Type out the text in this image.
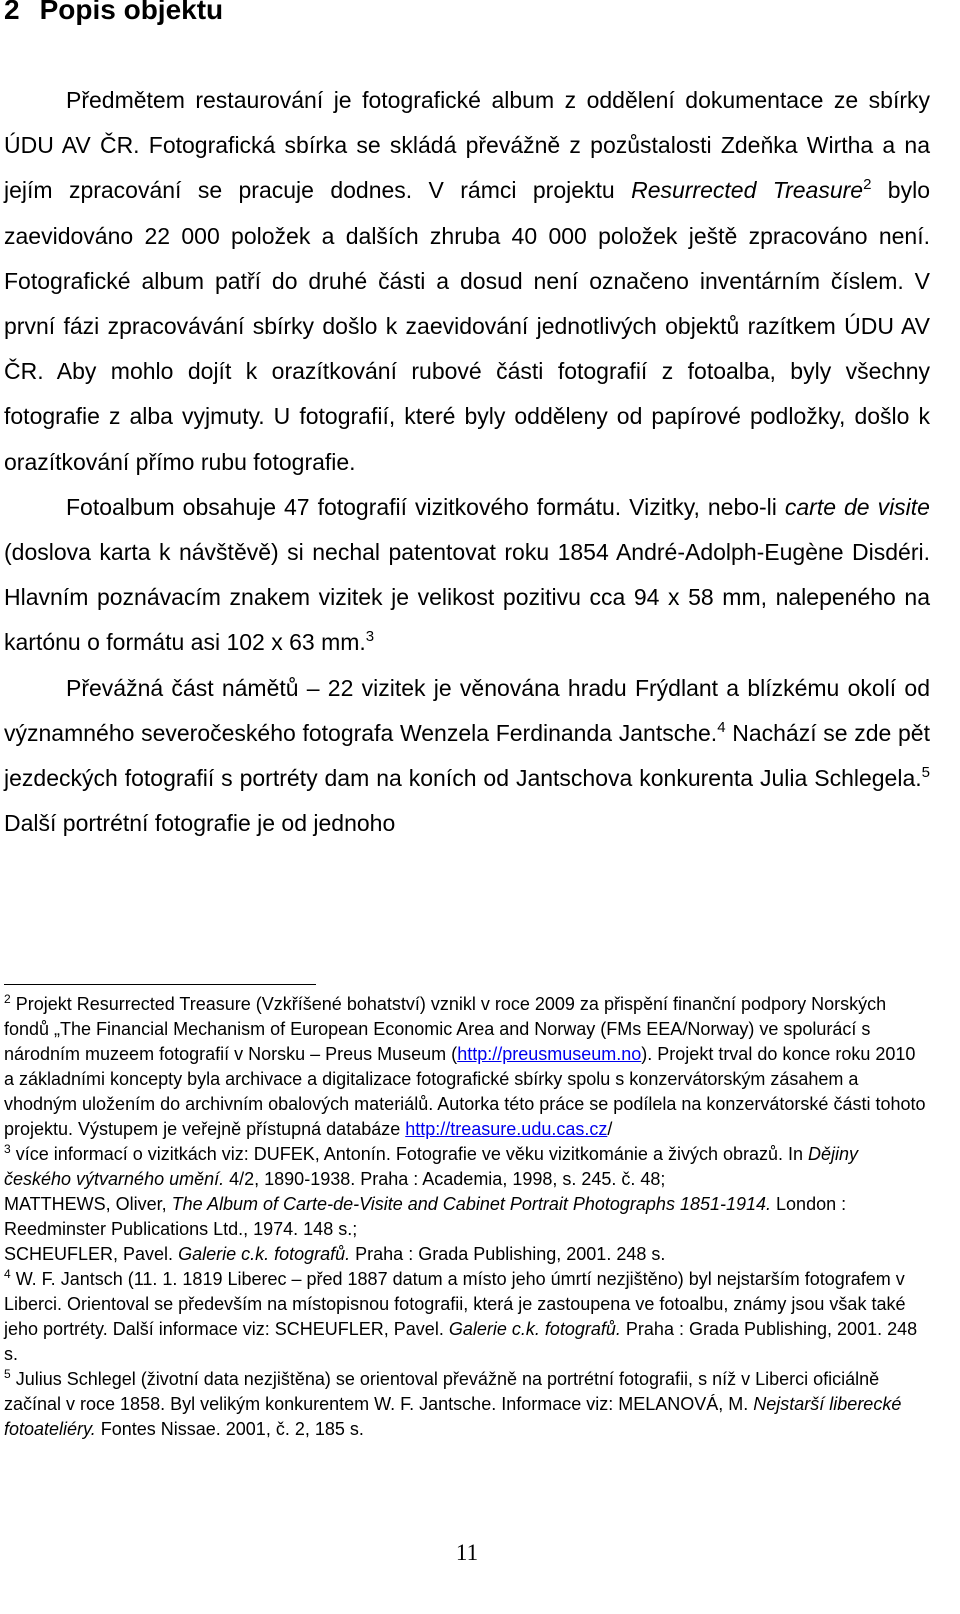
2 Popis objektu

Předmětem restaurování je fotografické album z oddělení dokumentace ze sbírky ÚDU AV ČR. Fotografická sbírka se skládá převážně z pozůstalosti Zdeňka Wirtha a na jejím zpracování se pracuje dodnes. V rámci projektu Resurrected Treasure$^2$ bylo zaevidováno 22 000 položek a dalších zhruba 40 000 položek ještě zpracováno není. Fotografické album patří do druhé části a dosud není označeno inventárním číslem. V první fázi zpracovávání sbírky došlo k zaevidování jednotlivých objektů razítkem ÚDU AV ČR. Aby mohlo dojít k orazítkování rubové části fotografií z fotoalba, byly všechny fotografie z alba vyjmuty. U fotografií, které byly odděleny od papírové podložky, došlo k orazítkování přímo rubu fotografie.

Fotoalbum obsahuje 47 fotografií vizitkového formátu. Vizitky, nebo-li carte de visite (doslova karta k návštěvě) si nechal patentovat roku 1854 André-Adolph-Eugène Disdéri. Hlavním poznávacím znakem vizitek je velikost pozitivu cca 94 x 58 mm, nalepeného na kartónu o formátu asi 102 x 63 mm.$^3$

Převážná část námětů – 22 vizitek je věnována hradu Frýdlant a blízkému okolí od významného severočeského fotografa Wenzela Ferdinanda Jantsche.$^4$ Nachází se zde pět jezdeckých fotografií s portréty dam na koních od Jantschova konkurenta Julia Schlegela.$^5$ Další portrétní fotografie je od jednoho

$^2$ Projekt Resurrected Treasure (Vzkříšené bohatství) vznikl v roce 2009 za přispění finanční podpory Norských fondů „The Financial Mechanism of European Economic Area and Norway (FMs EEA/Norway) ve spolurácí s národním muzeem fotografií v Norsku – Preus Museum (http://preusmuseum.no). Projekt trval do konce roku 2010 a základními koncepty byla archivace a digitalizace fotografické sbírky spolu s konzervátorským zásahem a vhodným uložením do archivním obalových materiálů. Autorka této práce se podílela na konzervátorské části tohoto projektu. Výstupem je veřejně přístupná databáze http://treasure.udu.cas.cz/

$^3$ více informací o vizitkách viz: DUFEK, Antonín. Fotografie ve věku vizitkománie a živých obrazů. In Dějiny českého výtvarného umění. 4/2, 1890-1938. Praha : Academia, 1998, s. 245. č. 48;

MATTHEWS, Oliver, The Album of Carte-de-Visite and Cabinet Portrait Photographs 1851-1914. London : Reedminster Publications Ltd., 1974. 148 s.;

SCHEUFLER, Pavel. Galerie c.k. fotografů. Praha : Grada Publishing, 2001. 248 s.

$^4$ W. F. Jantsch (11. 1. 1819 Liberec – před 1887 datum a místo jeho úmrtí nezjištěno) byl nejstarším fotografem v Liberci. Orientoval se především na místopisnou fotografii, která je zastoupena ve fotoalbu, známy jsou však také jeho portréty. Další informace viz: SCHEUFLER, Pavel. Galerie c.k. fotografů. Praha : Grada Publishing, 2001. 248 s.

$^5$ Julius Schlegel (životní data nezjištěna) se orientoval převážně na portrétní fotografii, s níž v Liberci oficiálně začínal v roce 1858. Byl velikým konkurentem W. F. Jantsche. Informace viz: MELANOVÁ, M. Nejstarší liberecké fotoateliéry. Fontes Nissae. 2001, č. 2, 185 s.

11
